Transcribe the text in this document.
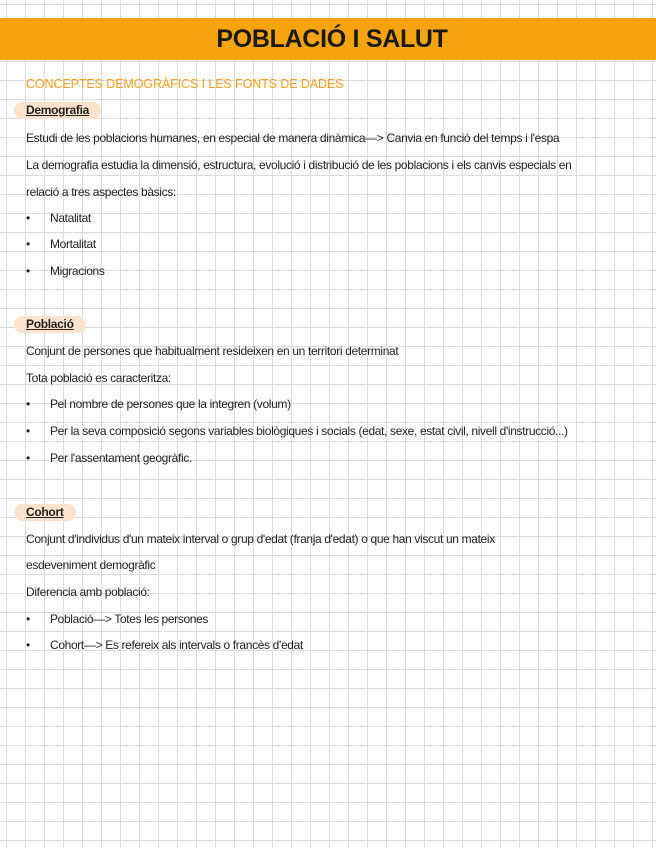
POBLACIÓ I SALUT
CONCEPTES DEMOGRÀFICS I LES FONTS DE DADES
Demografia
Estudi de les poblacions humanes, en especial de manera dinàmica—> Canvia en funció del temps i l'espa
La demografia estudia la dimensió, estructura, evolució i distribució de les poblacions i els canvis especials en
relació a tres aspectes bàsics:
•	Natalitat
•	Mortalitat
•	Migracions
Població
Conjunt de persones que habitualment resideixen en un territori determinat
Tota població es caracteritza:
•	Pel nombre de persones que la integren (volum)
•	Per la seva composició segons variables biològiques i socials (edat, sexe, estat civil, nivell d'instrucció...)
•	Per l'assentament geogràfic.
Cohort
Conjunt d'individus d'un mateix interval o grup d'edat (franja d'edat) o que han viscut un mateix
esdeveniment demogràfic
Diferencia amb població:
•	Població—> Totes les persones
•	Cohort—> Es refereix als intervals o francès d'edat
